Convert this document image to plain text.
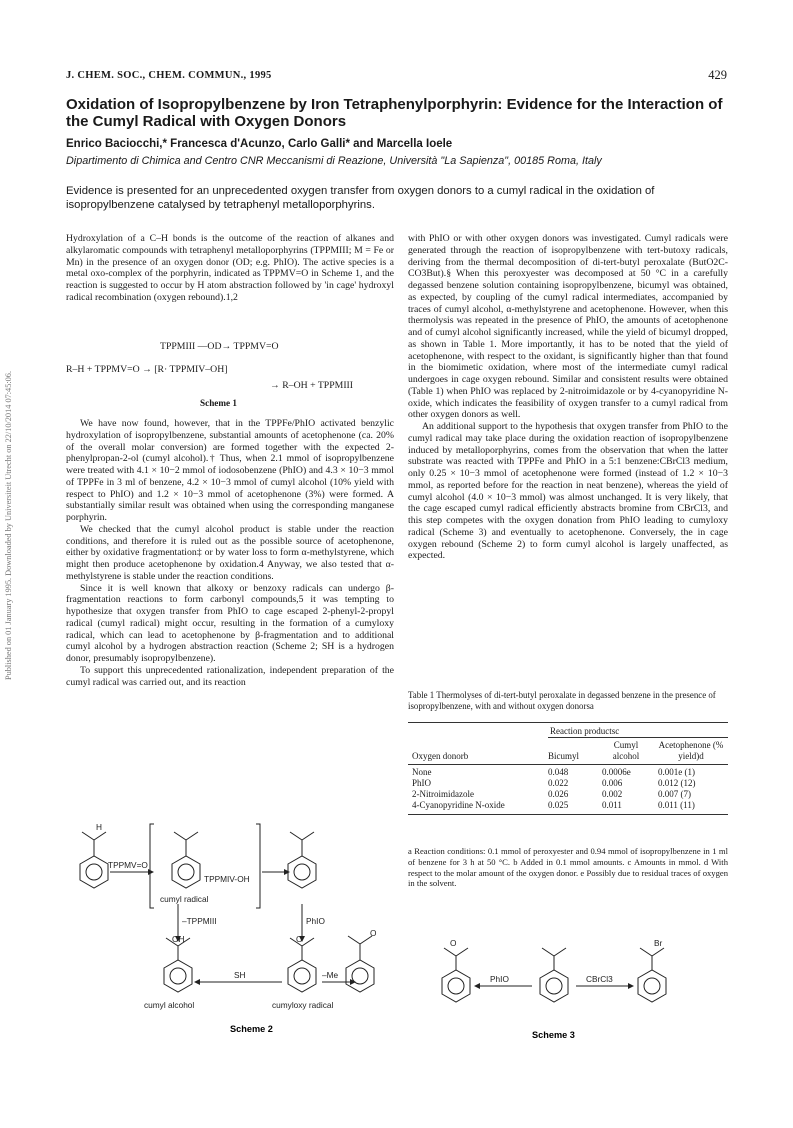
J. CHEM. SOC., CHEM. COMMUN., 1995	429
Oxidation of Isopropylbenzene by Iron Tetraphenylporphyrin: Evidence for the Interaction of the Cumyl Radical with Oxygen Donors
Enrico Baciocchi,* Francesca d'Acunzo, Carlo Galli* and Marcella Ioele
Dipartimento di Chimica and Centro CNR Meccanismi di Reazione, Università "La Sapienza", 00185 Roma, Italy
Evidence is presented for an unprecedented oxygen transfer from oxygen donors to a cumyl radical in the oxidation of isopropylbenzene catalysed by tetraphenyl metalloporphyrins.
Published on 01 January 1995. Downloaded by Universiteit Utrecht on 22/10/2014 07:45:06.

Hydroxylation of a C–H bonds is the outcome of the reaction of alkanes and alkylaromatic compounds with tetraphenyl metalloporphyrins (TPPMIII; M = Fe or Mn) in the presence of an oxygen donor (OD; e.g. PhIO). The active species is a metal oxo-complex of the porphyrin, indicated as TPPMV=O in Scheme 1, and the reaction is suggested to occur by H atom abstraction followed by 'in cage' hydroxyl radical recombination (oxygen rebound).1,2

TPPMIII —OD→ TPPMV=O
R–H + TPPMV=O → [R· TPPMIV–OH]
→ R–OH + TPPMIII
Scheme 1

We have now found, however, that in the TPPFe/PhIO activated benzylic hydroxylation of isopropylbenzene, substantial amounts of acetophenone (ca. 20% of the overall molar conversion) are formed together with the expected 2-phenylpropan-2-ol (cumyl alcohol).† Thus, when 2.1 mmol of isopropylbenzene were treated with 4.1 × 10−2 mmol of iodosobenzene (PhIO) and 4.3 × 10−3 mmol of TPPFe in 3 ml of benzene, 4.2 × 10−3 mmol of cumyl alcohol (10% yield with respect to PhIO) and 1.2 × 10−3 mmol of acetophenone (3%) were formed. A substantially similar result was obtained when using the corresponding manganese porphyrin.

We checked that the cumyl alcohol product is stable under the reaction conditions, and therefore it is ruled out as the possible source of acetophenone, either by oxidative fragmentation‡ or by water loss to form α-methylstyrene, which might then produce acetophenone by oxidation.4 Anyway, we also tested that α-methylstyrene is stable under the reaction conditions.

Since it is well known that alkoxy or benzoxy radicals can undergo β-fragmentation reactions to form carbonyl compounds,5 it was tempting to hypothesize that oxygen transfer from PhIO to cage escaped 2-phenyl-2-propyl radical (cumyl radical) might occur, resulting in the formation of a cumyloxy radical, which can lead to acetophenone by β-fragmentation and to additional cumyl alcohol by a hydrogen abstraction reaction (Scheme 2; SH is a hydrogen donor, presumably isopropylbenzene).

To support this unprecedented rationalization, independent preparation of the cumyl radical was carried out, and its reaction

with PhIO or with other oxygen donors was investigated. Cumyl radicals were generated through the reaction of isopropylbenzene with tert-butoxy radicals, deriving from the thermal decomposition of di-tert-butyl peroxalate (ButO2C-CO3But).§ When this peroxyester was decomposed at 50 °C in a carefully degassed benzene solution containing isopropylbenzene, bicumyl was obtained, as expected, by coupling of the cumyl radical intermediates, accompanied by traces of cumyl alcohol, α-methylstyrene and acetophenone. However, when this thermolysis was repeated in the presence of PhIO, the amounts of acetophenone and of cumyl alcohol significantly increased, while the yield of bicumyl dropped, as shown in Table 1. More importantly, it has to be noted that the yield of acetophenone, with respect to the oxidant, is significantly higher than that found in the biomimetic oxidation, where most of the intermediate cumyl radical undergoes in cage oxygen rebound. Similar and consistent results were obtained (Table 1) when PhIO was replaced by 2-nitroimidazole or by 4-cyanopyridine N-oxide, which indicates the feasibility of oxygen transfer to a cumyl radical from other oxygen donors as well.

An additional support to the hypothesis that oxygen transfer from PhIO to the cumyl radical may take place during the oxidation reaction of isopropylbenzene induced by metalloporphyrins, comes from the observation that when the latter substrate was reacted with TPPFe and PhIO in a 5:1 benzene:CBrCl3 medium, only 0.25 × 10−3 mmol of acetophenone were formed (instead of 1.2 × 10−3 mmol, as reported before for the reaction in neat benzene), whereas the yield of cumyl alcohol (4.0 × 10−3 mmol) was almost unchanged. It is very likely, that the cage escaped cumyl radical efficiently abstracts bromine from CBrCl3, and this step competes with the oxygen donation from PhIO leading to cumyloxy radical (Scheme 3) and eventually to acetophenone. Conversely, the in cage oxygen rebound (Scheme 2) to form cumyl alcohol is largely unaffected, as expected.

Table 1 Thermolyses of di-tert-butyl peroxalate in degassed benzene in the presence of isopropylbenzene, with and without oxygen donorsa
Reaction productsc
Oxygen donorb	Bicumyl	Cumyl alcohol	Acetophenone (% yield)d

None	0.048	0.0006e	0.001e (1)
PhIO	0.022	0.006	0.012 (12)
2-Nitroimidazole	0.026	0.002	0.007 (7)
4-Cyanopyridine N-oxide	0.025	0.011	0.011 (11)
a Reaction conditions: 0.1 mmol of peroxyester and 0.94 mmol of isopropylbenzene in 1 ml of benzene for 3 h at 50 °C. b Added in 0.1 mmol amounts. c Amounts in mmol. d With respect to the molar amount of the oxygen donor. e Possibly due to residual traces of oxygen in the solvent.
H
TPPMV=O
TPPMIV-OH
cumyl radical
–TPPMIII	PhIO
OH	O
O
SH	–Me
cumyl alcohol	cumyloxy radical
Scheme 2
O
PhIO	CBrCl3
Br
Scheme 3
